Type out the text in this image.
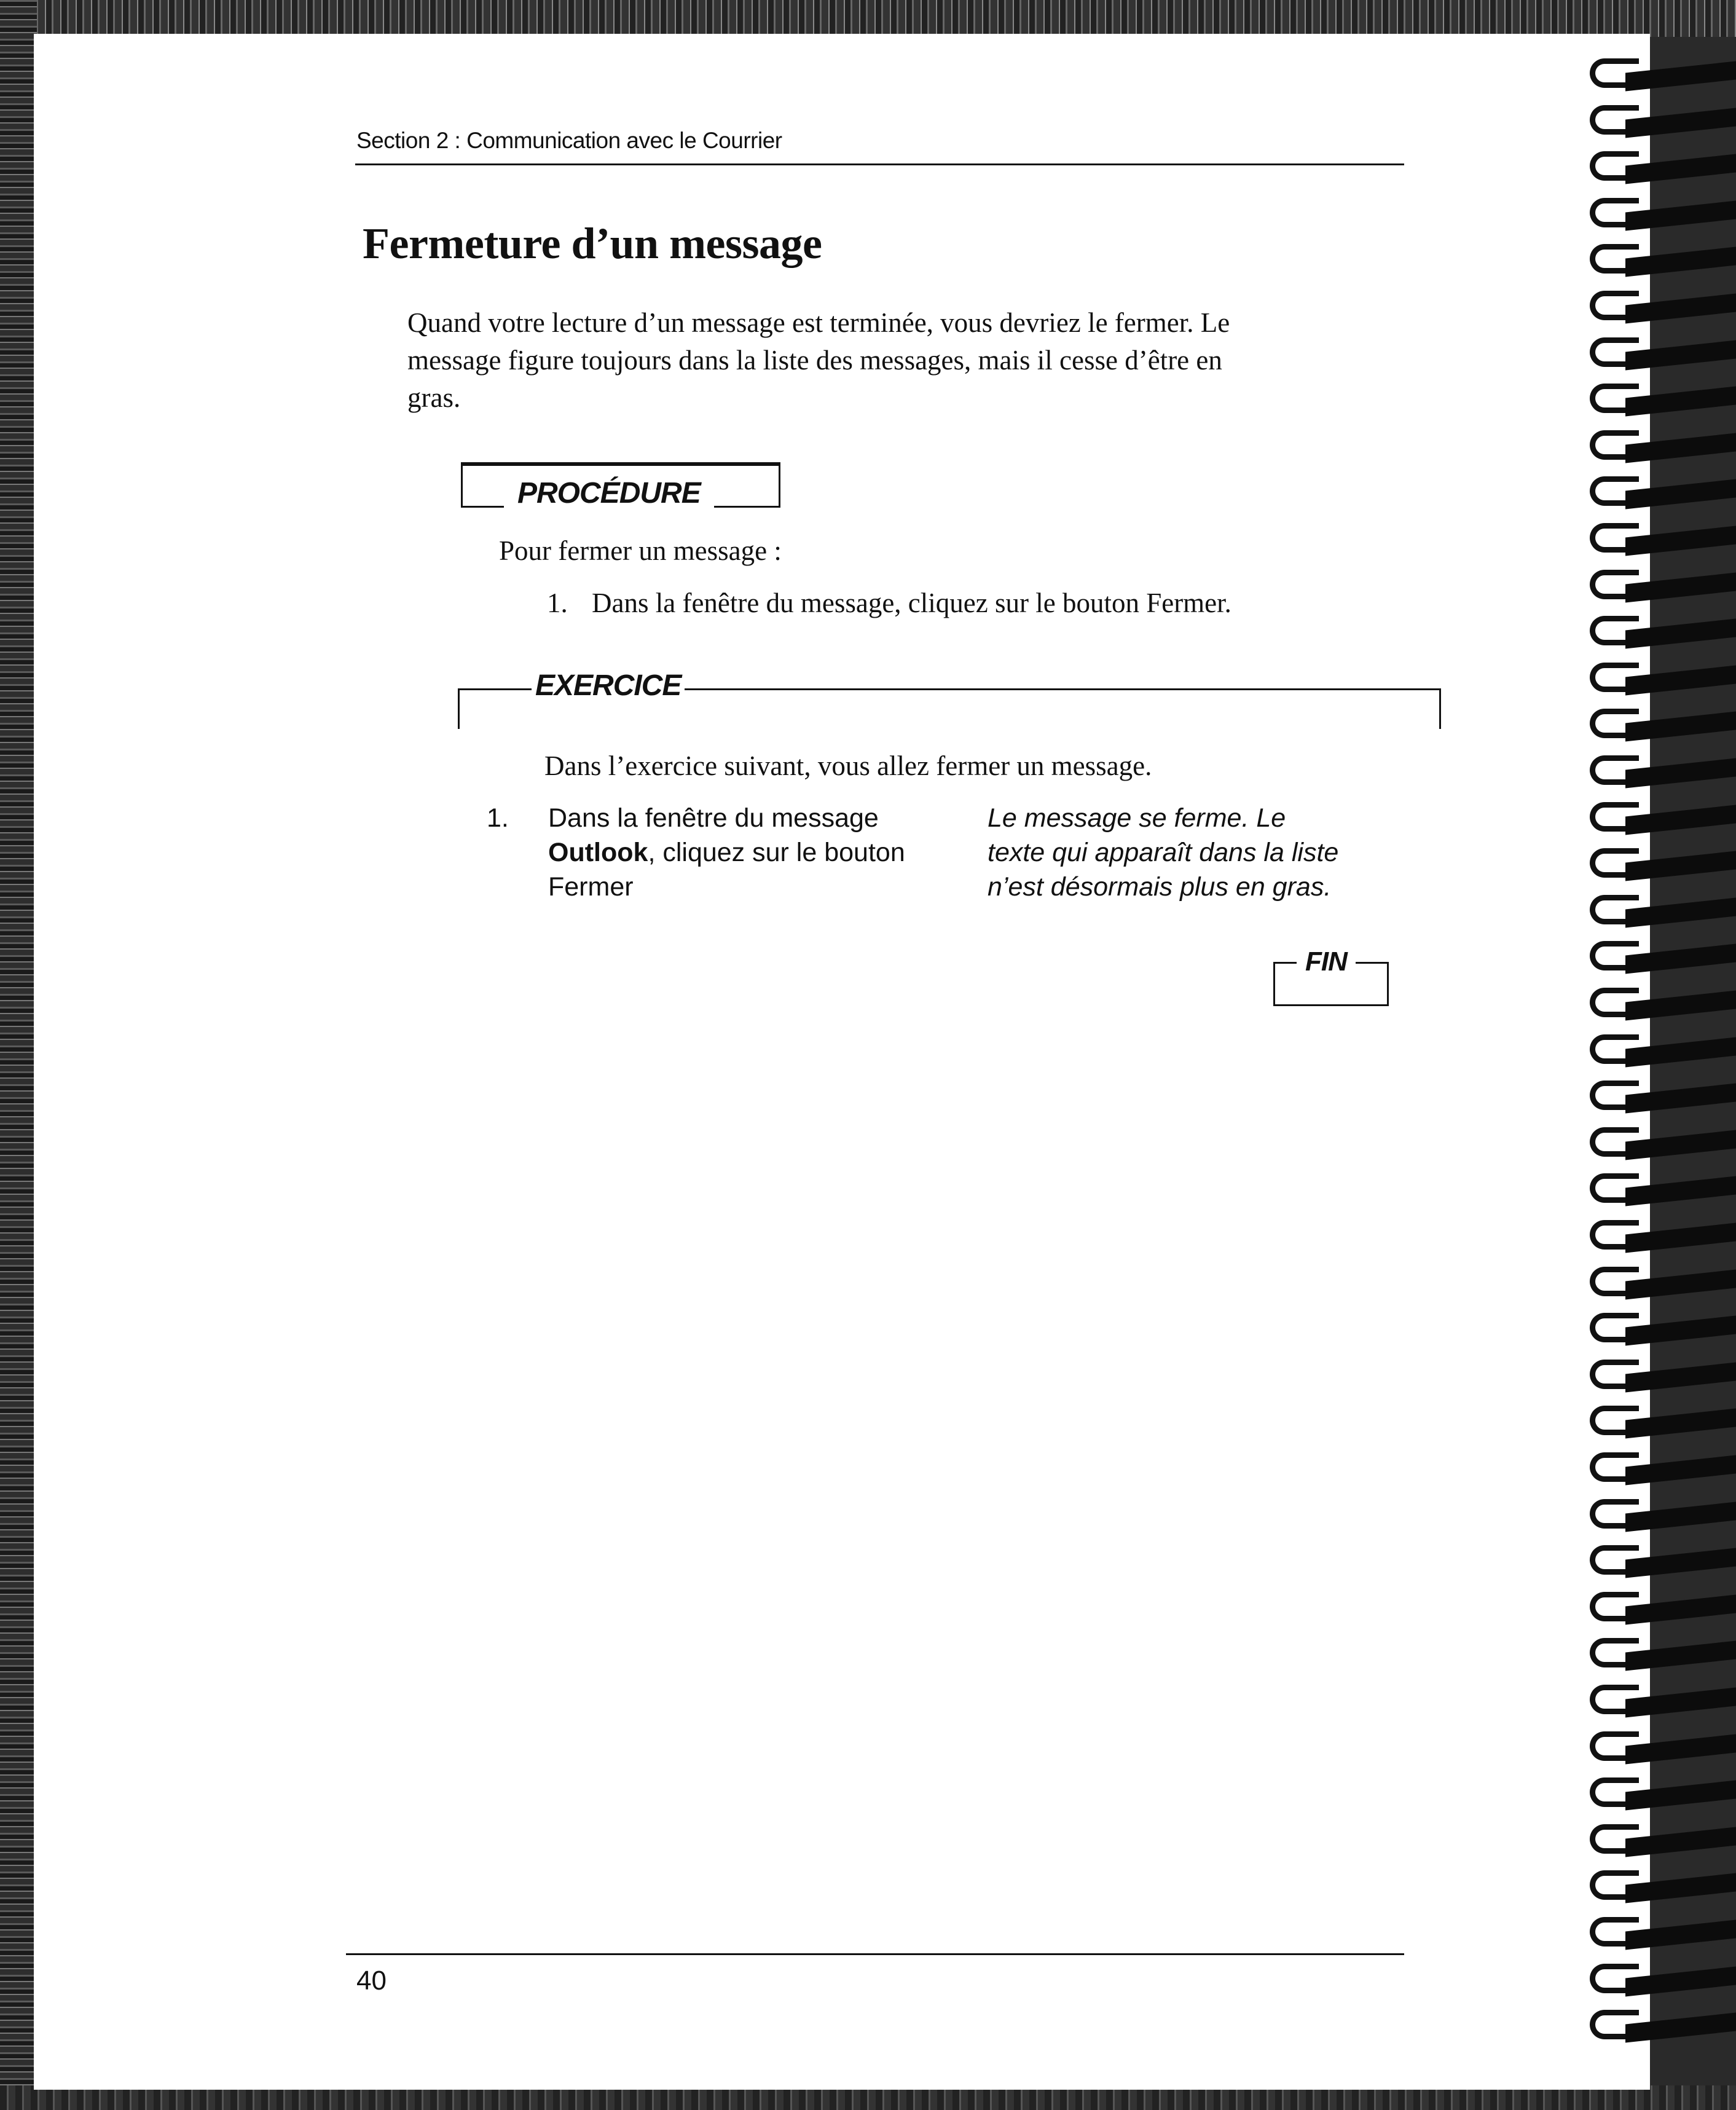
Section 2 : Communication avec le Courrier
Fermeture d’un message
Quand votre lecture d’un message est terminée, vous devriez le fermer. Le
message figure toujours dans la liste des messages, mais il cesse d’être en
gras.
PROCÉDURE
Pour fermer un message :
1. Dans la fenêtre du message, cliquez sur le bouton Fermer.
EXERCICE
Dans l’exercice suivant, vous allez fermer un message.
1. Dans la fenêtre du message
Outlook, cliquez sur le bouton
Fermer
Le message se ferme. Le
texte qui apparaît dans la liste
n’est désormais plus en gras.
FIN
40
